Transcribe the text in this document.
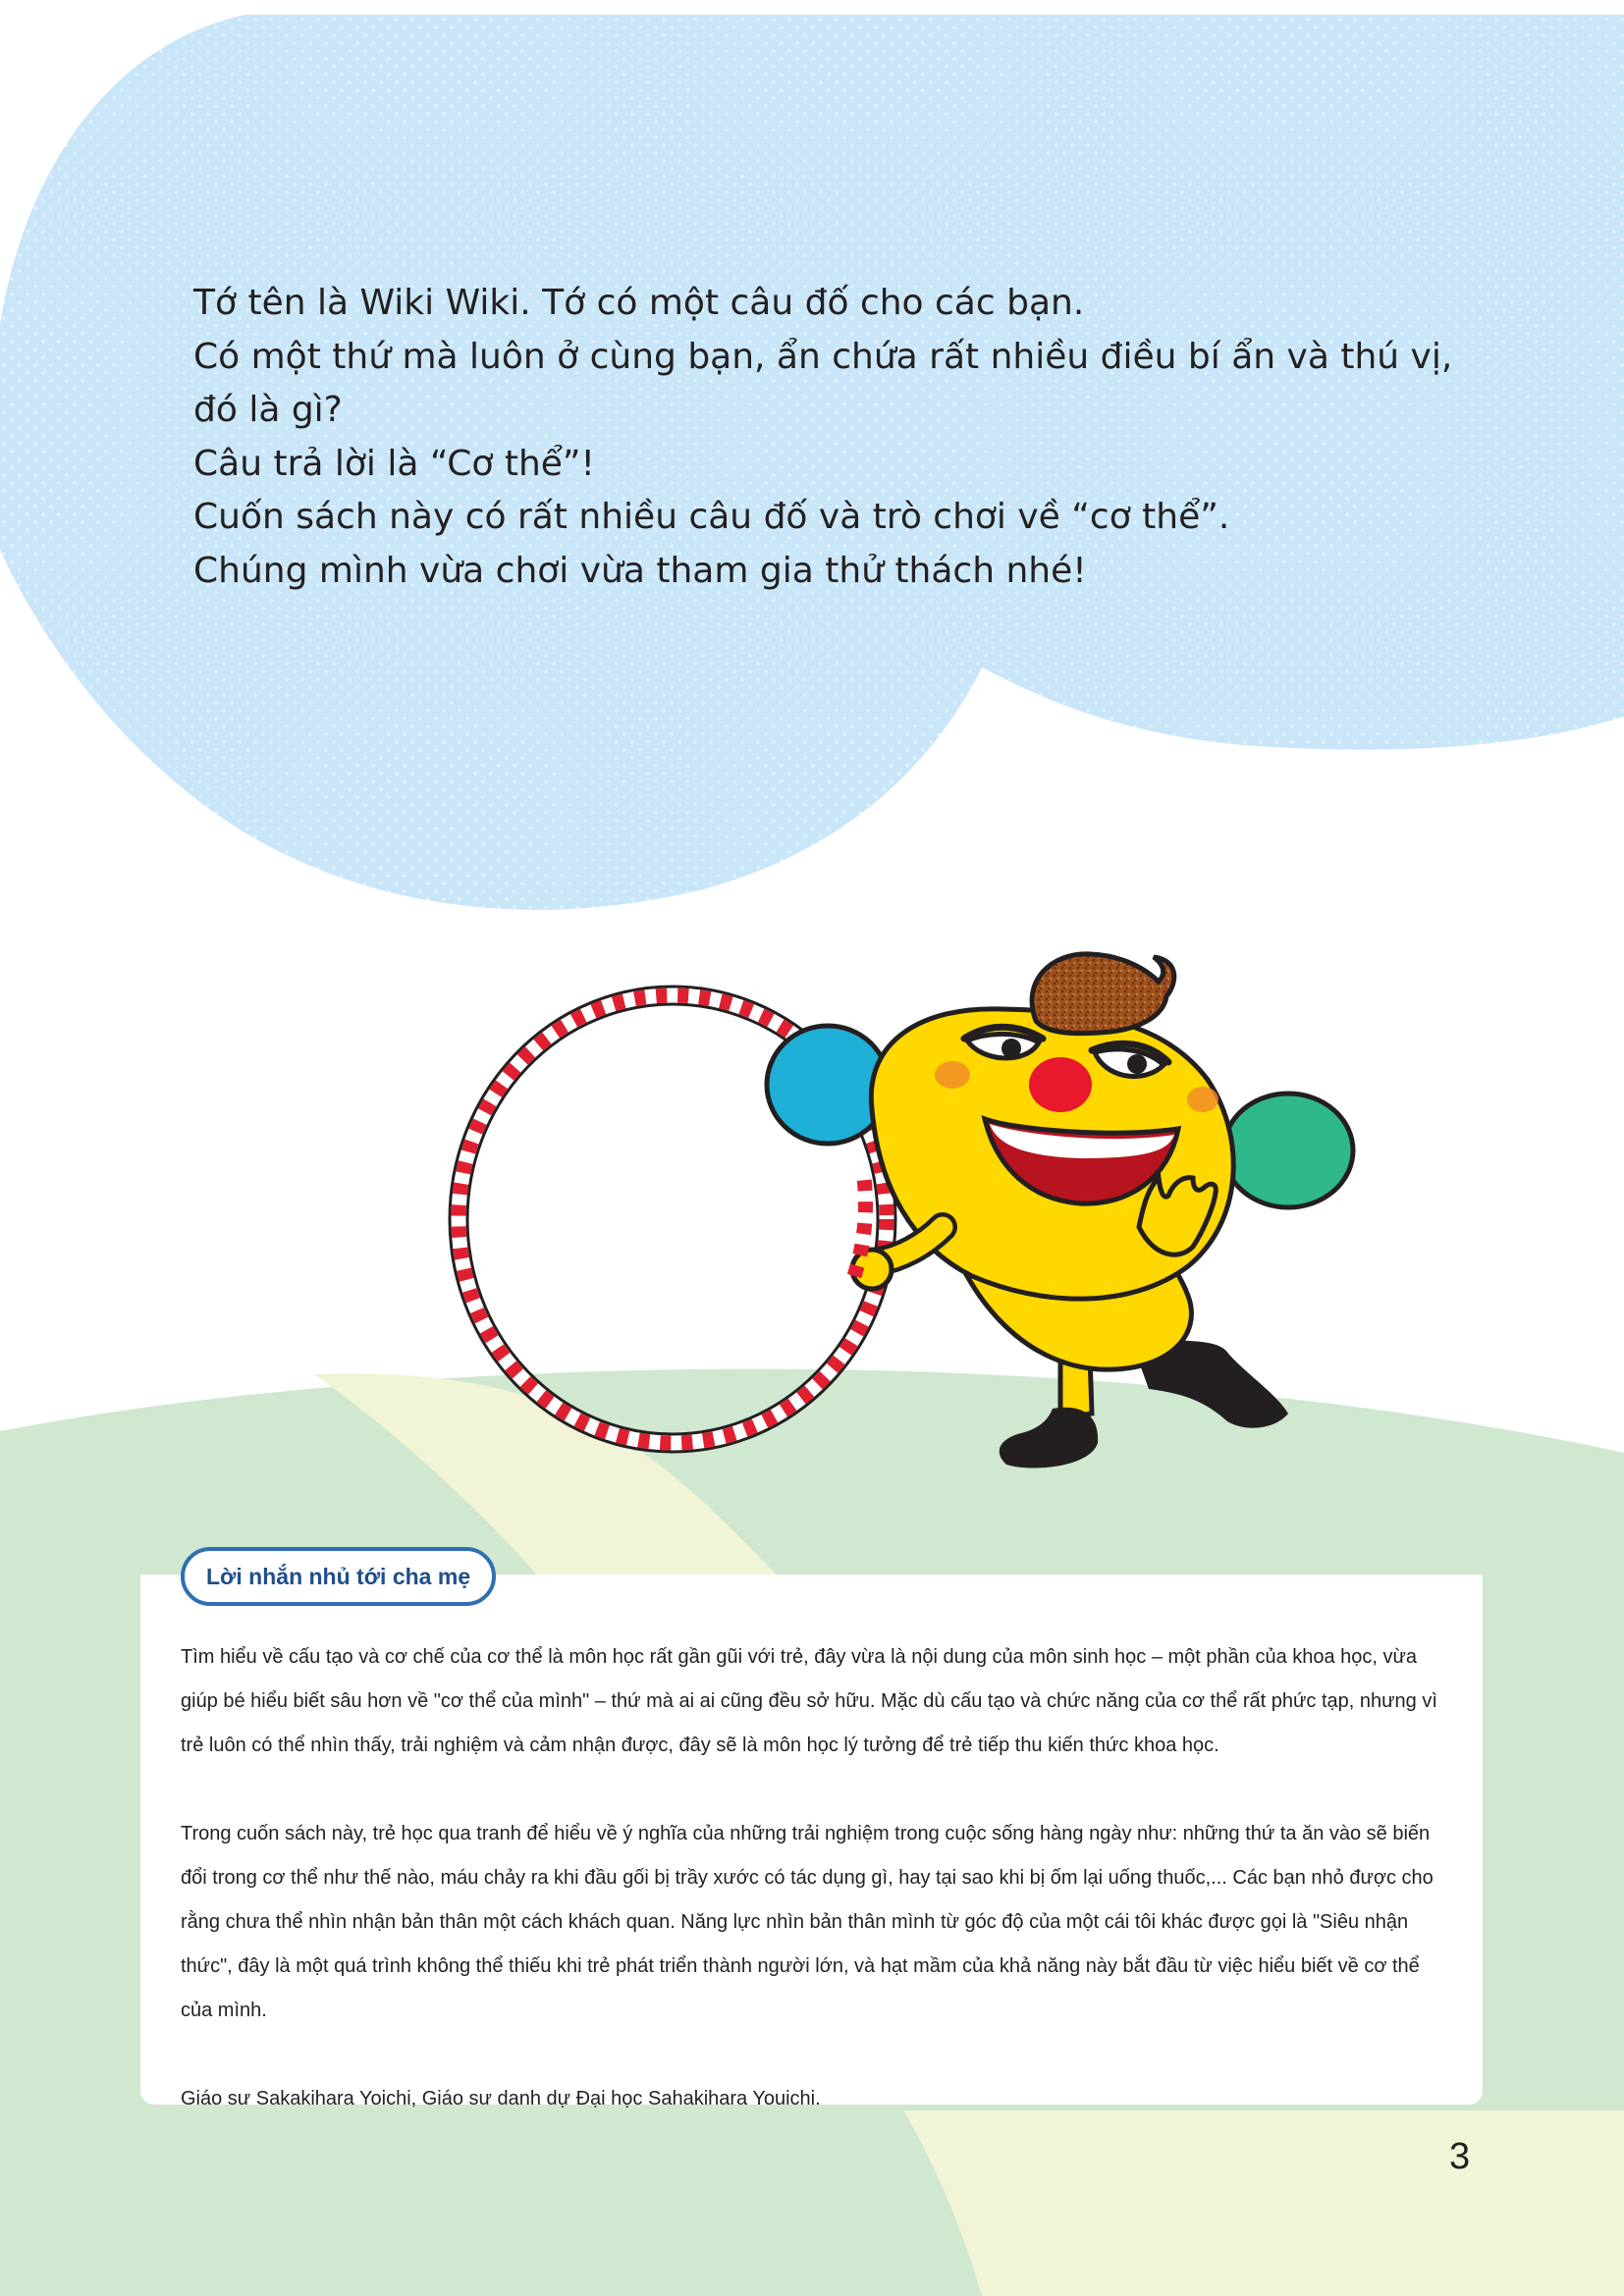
Tớ tên là Wiki Wiki. Tớ có một câu đố cho các bạn.
Có một thứ mà luôn ở cùng bạn, ẩn chứa rất nhiều điều bí ẩn và thú vị,
đó là gì?
Câu trả lời là “Cơ thể”!
Cuốn sách này có rất nhiều câu đố và trò chơi về “cơ thể”.
Chúng mình vừa chơi vừa tham gia thử thách nhé!
Lời nhắn nhủ tới cha mẹ

Tìm hiểu về cấu tạo và cơ chế của cơ thể là môn học rất gần gũi với trẻ, đây vừa là nội dung của môn sinh học – một phần của khoa học, vừa giúp bé hiểu biết sâu hơn về "cơ thể của mình" – thứ mà ai ai cũng đều sở hữu. Mặc dù cấu tạo và chức năng của cơ thể rất phức tạp, nhưng vì trẻ luôn có thể nhìn thấy, trải nghiệm và cảm nhận được, đây sẽ là môn học lý tưởng để trẻ tiếp thu kiến thức khoa học.

Trong cuốn sách này, trẻ học qua tranh để hiểu về ý nghĩa của những trải nghiệm trong cuộc sống hàng ngày như: những thứ ta ăn vào sẽ biến đổi trong cơ thể như thế nào, máu chảy ra khi đầu gối bị trầy xước có tác dụng gì, hay tại sao khi bị ốm lại uống thuốc,... Các bạn nhỏ được cho rằng chưa thể nhìn nhận bản thân một cách khách quan. Năng lực nhìn bản thân mình từ góc độ của một cái tôi khác được gọi là "Siêu nhận thức", đây là một quá trình không thể thiếu khi trẻ phát triển thành người lớn, và hạt mầm của khả năng này bắt đầu từ việc hiểu biết về cơ thể của mình.

Giáo sư Sakakihara Yoichi, Giáo sư danh dự Đại học Sahakihara Youichi.

3
